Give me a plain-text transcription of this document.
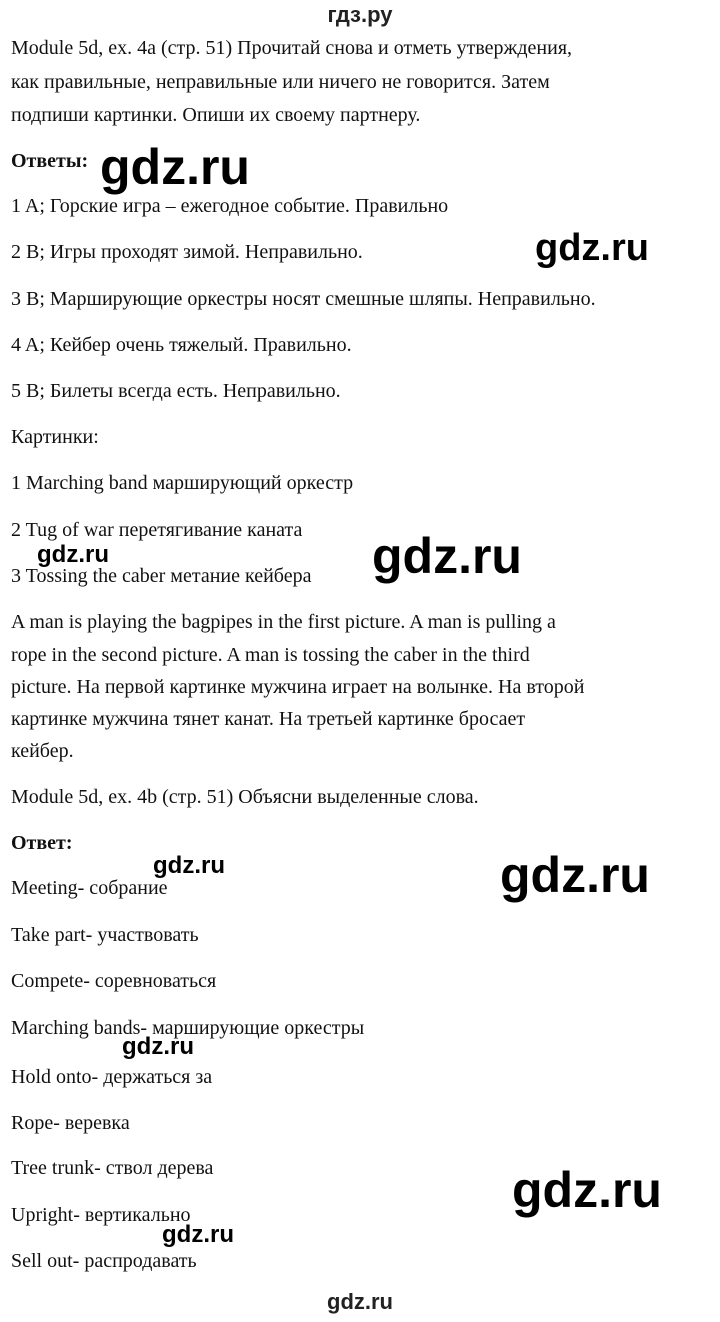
гдз.ру
Module 5d, ex. 4a (стр. 51) Прочитай снова и отметь утверждения,
как правильные, неправильные или ничего не говорится. Затем
подпиши картинки. Опиши их своему партнеру.
Ответы:
1 A; Горские игра – ежегодное событие. Правильно
2 B; Игры проходят зимой. Неправильно.
3 B; Марширующие оркестры носят смешные шляпы. Неправильно.
4 A; Кейбер очень тяжелый. Правильно.
5 B; Билеты всегда есть. Неправильно.
Картинки:
1 Marching band марширующий оркестр
2 Tug of war перетягивание каната
3 Tossing the caber метание кейбера
A man is playing the bagpipes in the first picture. A man is pulling a
rope in the second picture. A man is tossing the caber in the third
picture. На первой картинке мужчина играет на волынке. На второй
картинке мужчина тянет канат. На третьей картинке бросает
кейбер.
Module 5d, ex. 4b (стр. 51) Объясни выделенные слова.
Ответ:
Meeting- собрание
Take part- участвовать
Compete- соревноваться
Marching bands- марширующие оркестры
Hold onto- держаться за
Rope- веревка
Tree trunk- ствол дерева
Upright- вертикально
Sell out- распродавать
gdz.ru
gdz.ru
gdz.ru
gdz.ru
gdz.ru	gdz.ru
gdz.ru
gdz.ru
gdz.ru
gdz.ru
